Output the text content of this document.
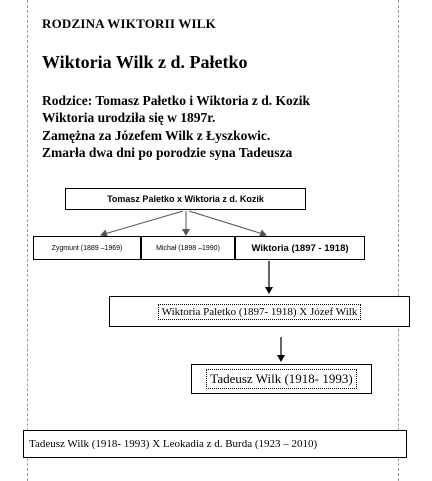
RODZINA WIKTORII WILK
Wiktoria Wilk z d. Pałetko
Rodzice: Tomasz Pałetko i Wiktoria z d. Kozik
Wiktoria urodziła się w 1897r.
Zamężna za Józefem Wilk z Łyszkowic.
Zmarła dwa dni po porodzie syna Tadeusza
Tomasz Paletko x Wiktoria z d. Kozik
Zygmunt (1889 –1969)	Michał (1898 –1990)	Wiktoria (1897 - 1918)
Wiktoria Paletko (1897- 1918) X Józef Wilk
Tadeusz Wilk (1918- 1993)
Tadeusz Wilk (1918- 1993) X Leokadia z d. Burda (1923 – 2010)
